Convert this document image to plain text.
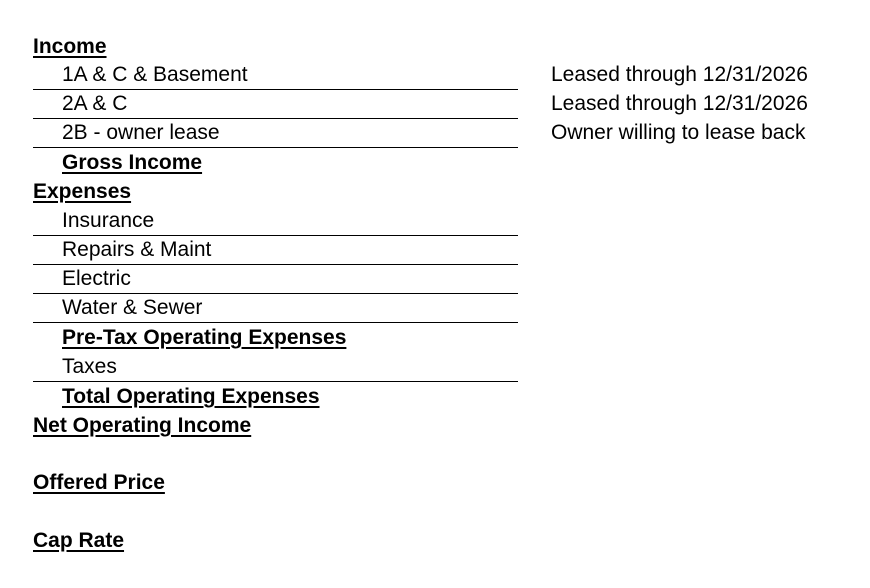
Income
1A & C & Basement	Leased through 12/31/2026
2A & C	Leased through 12/31/2026
2B - owner lease	Owner willing to lease back
Gross Income
Expenses
Insurance
Repairs & Maint
Electric
Water & Sewer
Pre-Tax Operating Expenses
Taxes
Total Operating Expenses
Net Operating Income
Offered Price
Cap Rate
